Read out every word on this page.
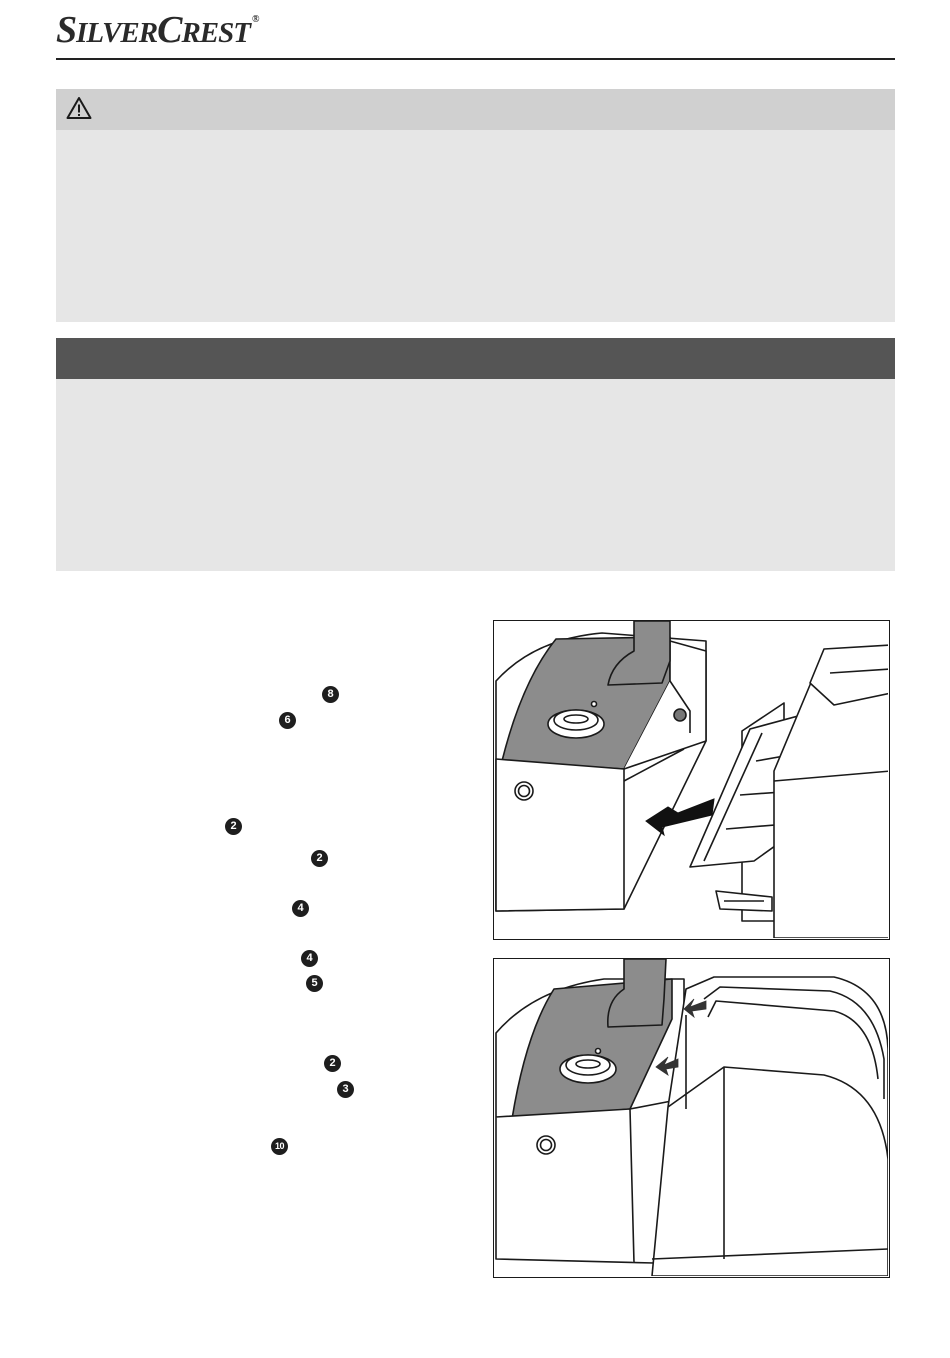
SILVERCREST ®
8
6
2
2
4
4
5
2
3
10
